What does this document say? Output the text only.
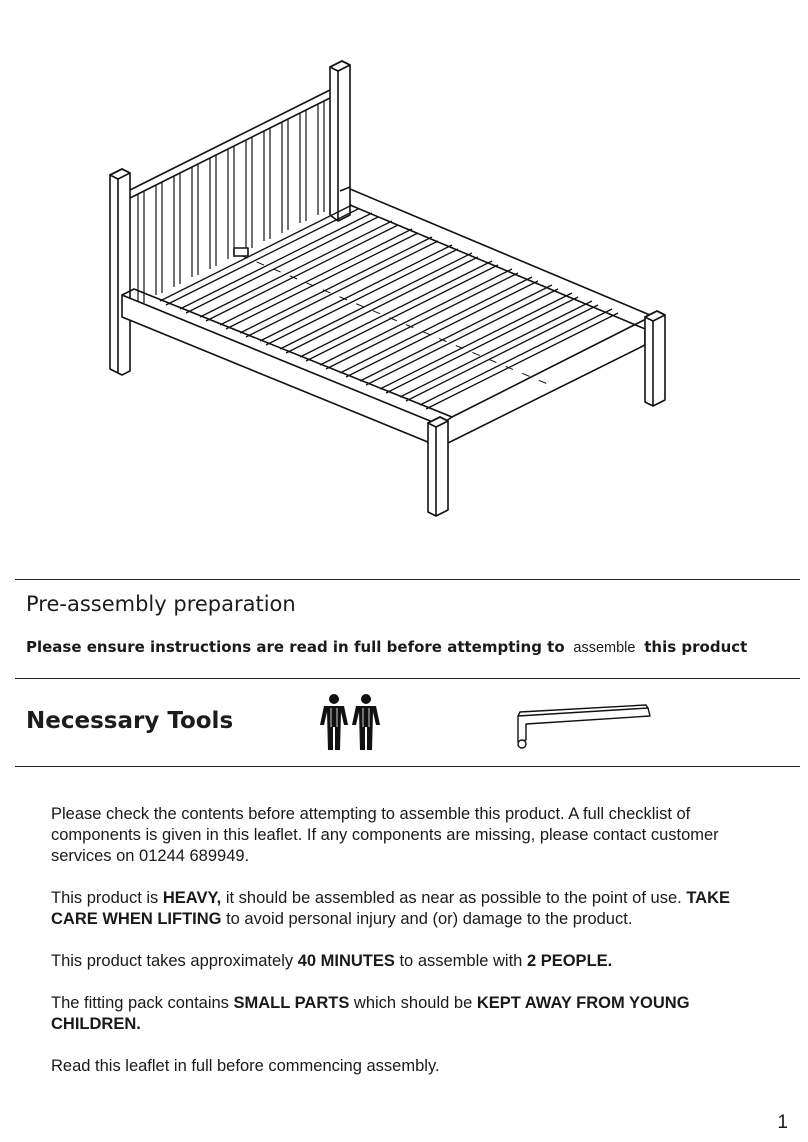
Pre-assembly preparation
Please ensure instructions are read in full before attempting to assemble this product
Necessary Tools

Please check the contents before attempting to assemble this product. A full checklist of components is given in this leaflet. If any components are missing, please contact customer services on 01244 689949.

This product is HEAVY, it should be assembled as near as possible to the point of use. TAKE CARE WHEN LIFTING to avoid personal injury and (or) damage to the product.

This product takes approximately 40 MINUTES to assemble with 2 PEOPLE.

The fitting pack contains SMALL PARTS which should be KEPT AWAY FROM YOUNG CHILDREN.

Read this leaflet in full before commencing assembly.

1
